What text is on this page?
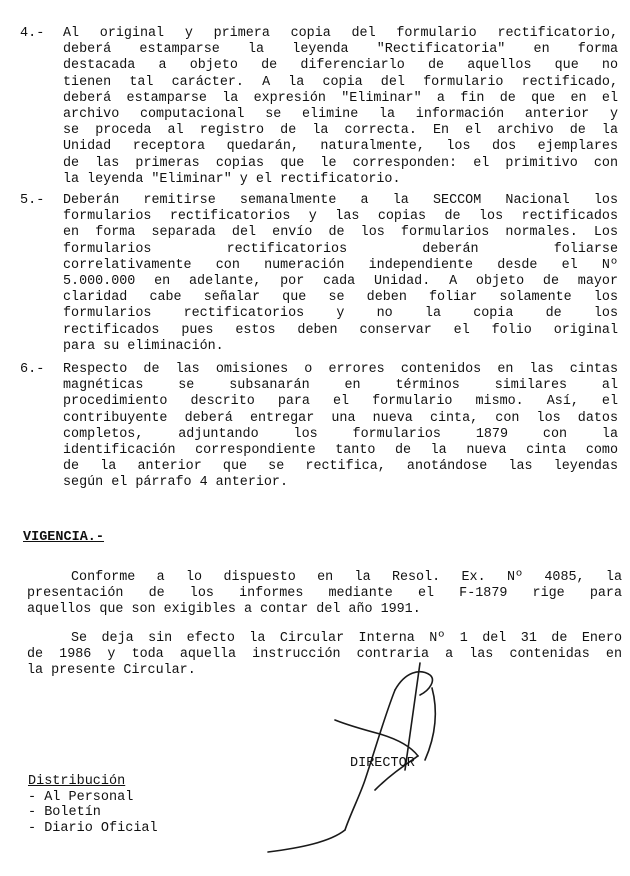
4.- Al original y primera copia del formulario rectificatorio,
deberá estamparse la leyenda "Rectificatoria" en forma
destacada a objeto de diferenciarlo de aquellos que no
tienen tal carácter. A la copia del formulario rectificado,
deberá estamparse la expresión "Eliminar" a fin de que en el
archivo computacional se elimine la información anterior y
se proceda al registro de la correcta. En el archivo de la
Unidad receptora quedarán, naturalmente, los dos ejemplares
de las primeras copias que le corresponden: el primitivo con
la leyenda "Eliminar" y el rectificatorio.
5.- Deberán remitirse semanalmente a la SECCOM Nacional los
formularios rectificatorios y las copias de los rectificados
en forma separada del envío de los formularios normales. Los
formularios rectificatorios deberán foliarse
correlativamente con numeración independiente desde el Nº
5.000.000 en adelante, por cada Unidad. A objeto de mayor
claridad cabe señalar que se deben foliar solamente los
formularios rectificatorios y no la copia de los
rectificados pues estos deben conservar el folio original
para su eliminación.
6.- Respecto de las omisiones o errores contenidos en las cintas
magnéticas se subsanarán en términos similares al
procedimiento descrito para el formulario mismo. Así, el
contribuyente deberá entregar una nueva cinta, con los datos
completos, adjuntando los formularios 1879 con la
identificación correspondiente tanto de la nueva cinta como
de la anterior que se rectifica, anotándose las leyendas
según el párrafo 4 anterior.
VIGENCIA.-
Conforme a lo dispuesto en la Resol. Ex. Nº 4085, la
presentación de los informes mediante el F-1879 rige para
aquellos que son exigibles a contar del año 1991.
Se deja sin efecto la Circular Interna Nº 1 del 31 de Enero
de 1986 y toda aquella instrucción contraria a las contenidas en
la presente Circular.
DIRECTOR
Distribución
- Al Personal
- Boletín
- Diario Oficial
